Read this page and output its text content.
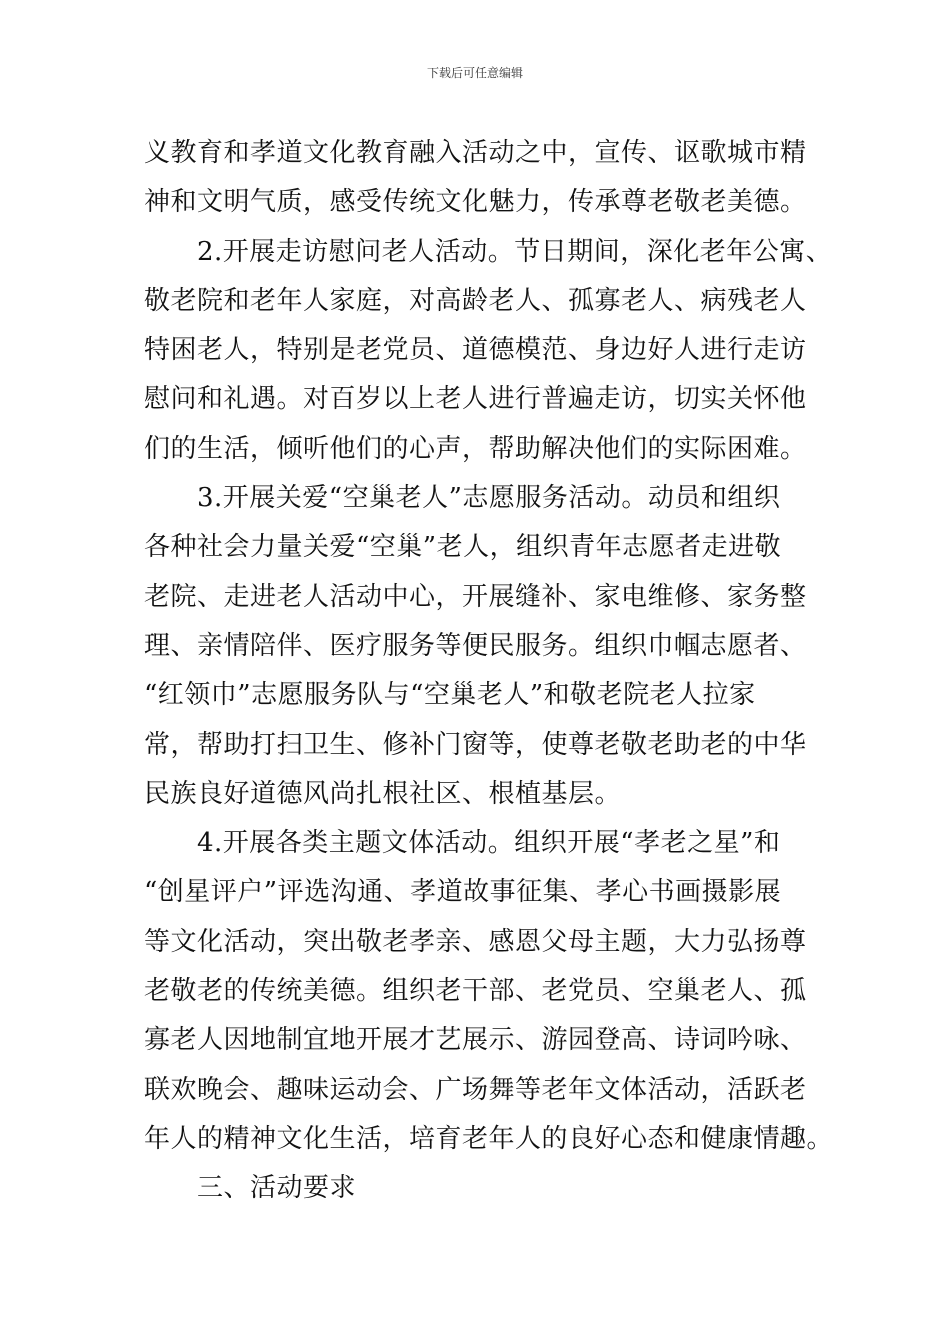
下载后可任意编辑
义教育和孝道文化教育融入活动之中，宣传、讴歌城市精
神和文明气质，感受传统文化魅力，传承尊老敬老美德。
2.开展走访慰问老人活动。节日期间，深化老年公寓、
敬老院和老年人家庭，对高龄老人、孤寡老人、病残老人
特困老人，特别是老党员、道德模范、身边好人进行走访
慰问和礼遇。对百岁以上老人进行普遍走访，切实关怀他
们的生活，倾听他们的心声，帮助解决他们的实际困难。
3.开展关爱“空巢老人”志愿服务活动。动员和组织
各种社会力量关爱“空巢”老人，组织青年志愿者走进敬
老院、走进老人活动中心，开展缝补、家电维修、家务整
理、亲情陪伴、医疗服务等便民服务。组织巾帼志愿者、
“红领巾”志愿服务队与“空巢老人”和敬老院老人拉家
常，帮助打扫卫生、修补门窗等，使尊老敬老助老的中华
民族良好道德风尚扎根社区、根植基层。
4.开展各类主题文体活动。组织开展“孝老之星”和
“创星评户”评选沟通、孝道故事征集、孝心书画摄影展
等文化活动，突出敬老孝亲、感恩父母主题，大力弘扬尊
老敬老的传统美德。组织老干部、老党员、空巢老人、孤
寡老人因地制宜地开展才艺展示、游园登高、诗词吟咏、
联欢晚会、趣味运动会、广场舞等老年文体活动，活跃老
年人的精神文化生活，培育老年人的良好心态和健康情趣。
三、活动要求
